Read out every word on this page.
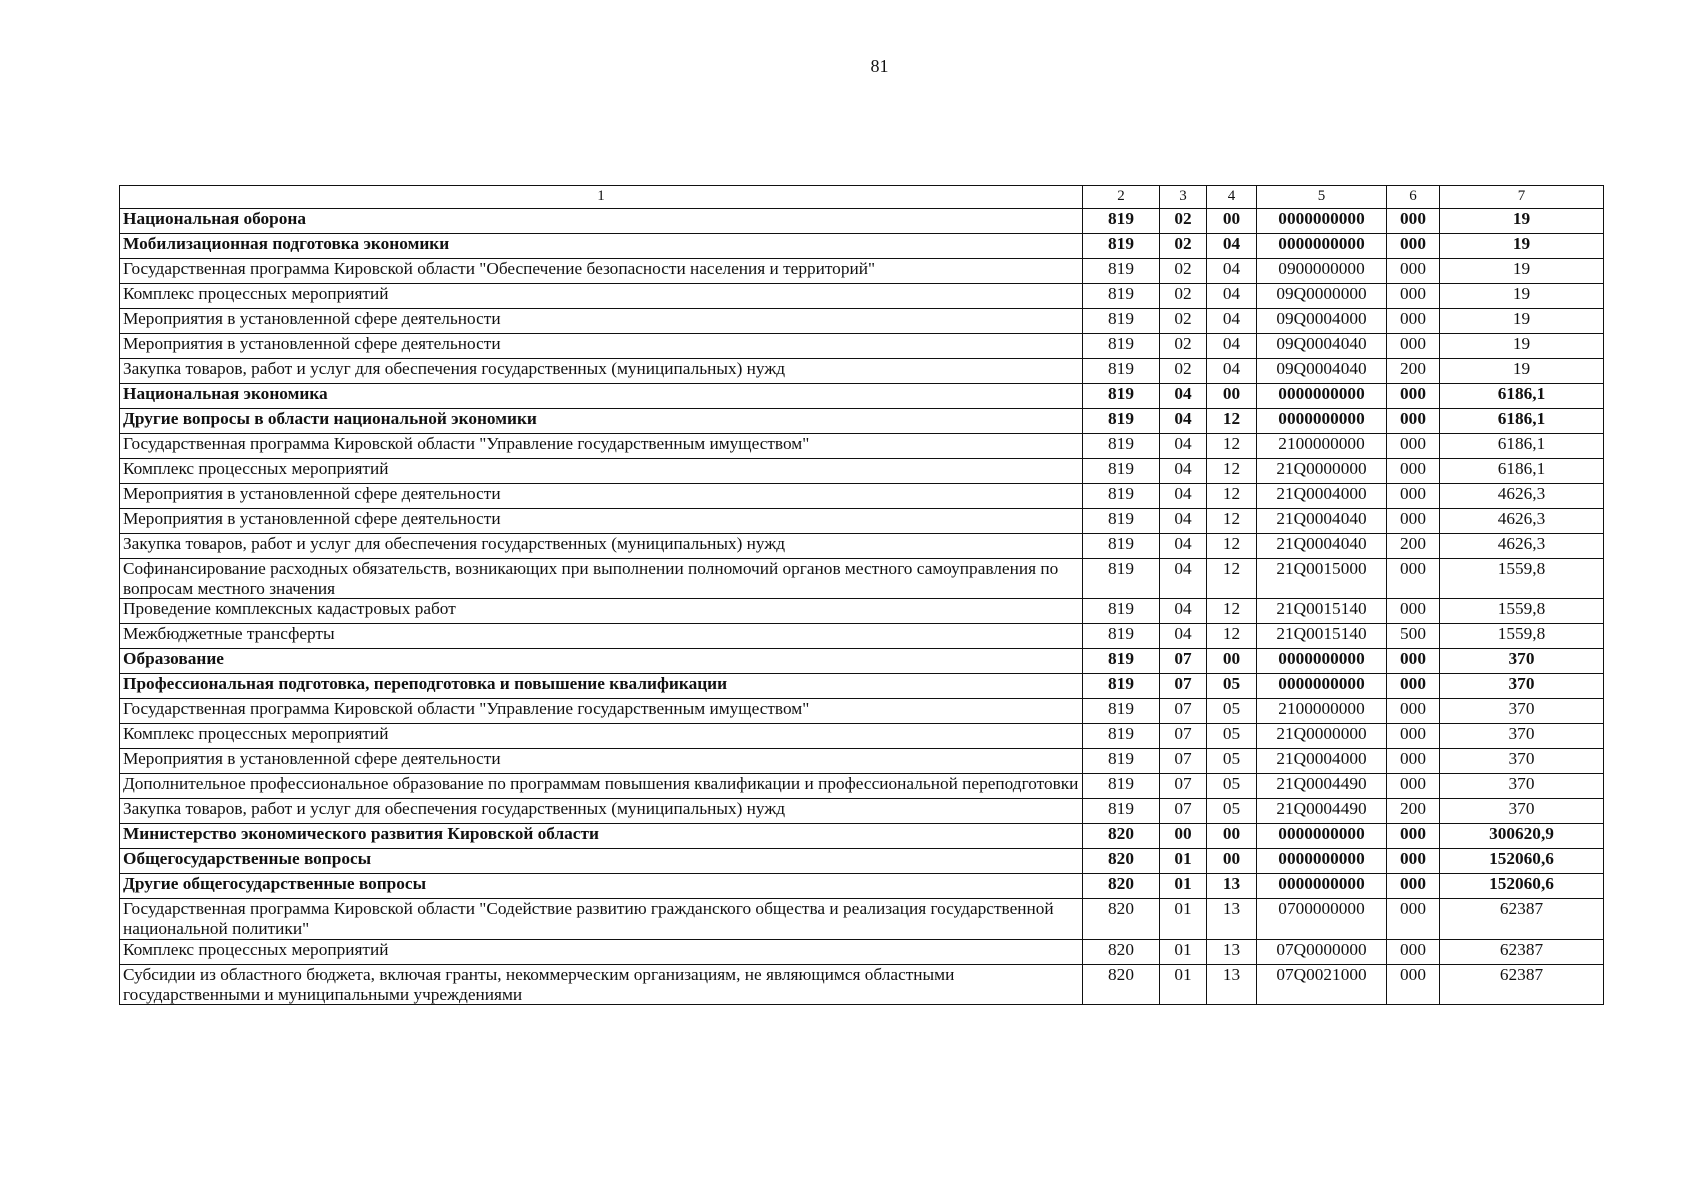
81
1	2	3	4	5	6	7
Национальная оборона	819	02	00	0000000000	000	19
Мобилизационная подготовка экономики	819	02	04	0000000000	000	19
Государственная программа Кировской области "Обеспечение безопасности населения и территорий"	819	02	04	0900000000	000	19
Комплекс процессных мероприятий	819	02	04	09Q0000000	000	19
Мероприятия в установленной сфере деятельности	819	02	04	09Q0004000	000	19
Мероприятия в установленной сфере деятельности	819	02	04	09Q0004040	000	19
Закупка товаров, работ и услуг для обеспечения государственных (муниципальных) нужд	819	02	04	09Q0004040	200	19
Национальная экономика	819	04	00	0000000000	000	6186,1
Другие вопросы в области национальной экономики	819	04	12	0000000000	000	6186,1
Государственная программа Кировской области "Управление государственным имуществом"	819	04	12	2100000000	000	6186,1
Комплекс процессных мероприятий	819	04	12	21Q0000000	000	6186,1
Мероприятия в установленной сфере деятельности	819	04	12	21Q0004000	000	4626,3
Мероприятия в установленной сфере деятельности	819	04	12	21Q0004040	000	4626,3
Закупка товаров, работ и услуг для обеспечения государственных (муниципальных) нужд	819	04	12	21Q0004040	200	4626,3
Софинансирование расходных обязательств, возникающих при выполнении полномочий органов местного самоуправления по вопросам местного значения	819	04	12	21Q0015000	000	1559,8
Проведение комплексных кадастровых работ	819	04	12	21Q0015140	000	1559,8
Межбюджетные трансферты	819	04	12	21Q0015140	500	1559,8
Образование	819	07	00	0000000000	000	370
Профессиональная подготовка, переподготовка и повышение квалификации	819	07	05	0000000000	000	370
Государственная программа Кировской области "Управление государственным имуществом"	819	07	05	2100000000	000	370
Комплекс процессных мероприятий	819	07	05	21Q0000000	000	370
Мероприятия в установленной сфере деятельности	819	07	05	21Q0004000	000	370
Дополнительное профессиональное образование по программам повышения квалификации и профессиональной переподготовки	819	07	05	21Q0004490	000	370
Закупка товаров, работ и услуг для обеспечения государственных (муниципальных) нужд	819	07	05	21Q0004490	200	370
Министерство экономического развития Кировской области	820	00	00	0000000000	000	300620,9
Общегосударственные вопросы	820	01	00	0000000000	000	152060,6
Другие общегосударственные вопросы	820	01	13	0000000000	000	152060,6
Государственная программа Кировской области "Содействие развитию гражданского общества и реализация государственной национальной политики"	820	01	13	0700000000	000	62387
Комплекс процессных мероприятий	820	01	13	07Q0000000	000	62387
Субсидии из областного бюджета, включая гранты, некоммерческим организациям, не являющимся областными государственными и муниципальными учреждениями	820	01	13	07Q0021000	000	62387
